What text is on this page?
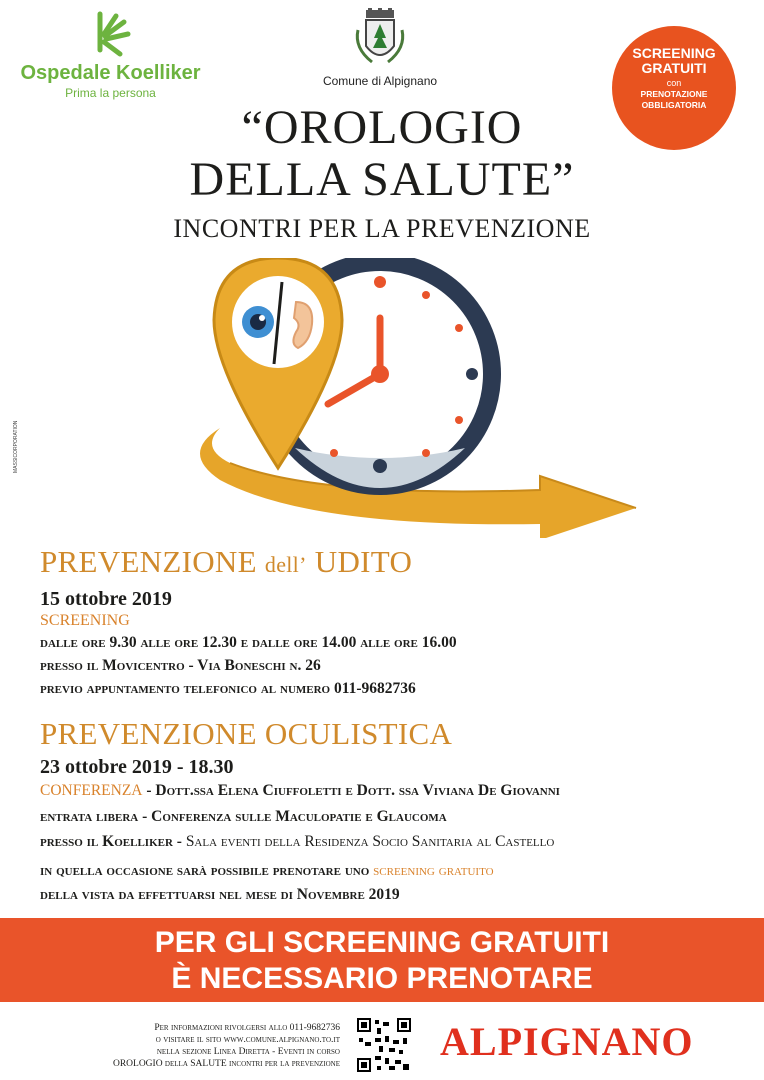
Ospedale Koelliker
Prima la persona
Comune di Alpignano
SCREENING
GRATUITI
con
PRENOTAZIONE
OBBLIGATORIA
“OROLOGIO
DELLA SALUTE”
INCONTRI PER LA PREVENZIONE
MASSICORPORATION
PREVENZIONE dell’ UDITO
15 ottobre 2019
SCREENING
dalle ore 9.30 alle ore 12.30 e dalle ore 14.00 alle ore 16.00
presso il Movicentro - Via Boneschi n. 26
previo appuntamento telefonico al numero 011-9682736
PREVENZIONE OCULISTICA
23 ottobre 2019 - 18.30
CONFERENZA - Dott.ssa Elena Ciuffoletti e Dott. ssa Viviana De Giovanni
entrata libera - Conferenza sulle Maculopatie e Glaucoma
presso il Koelliker - Sala eventi della Residenza Socio Sanitaria al Castello
in quella occasione sarà possibile prenotare uno screening gratuito
della vista da effettuarsi nel mese di Novembre 2019
PER GLI SCREENING GRATUITI
È NECESSARIO PRENOTARE
Per informazioni rivolgersi allo 011-9682736
o visitare il sito www.comune.alpignano.to.it
nella sezione Linea Diretta - Eventi in corso
OROLOGIO della SALUTE incontri per la prevenzione	ALPIGNANO
